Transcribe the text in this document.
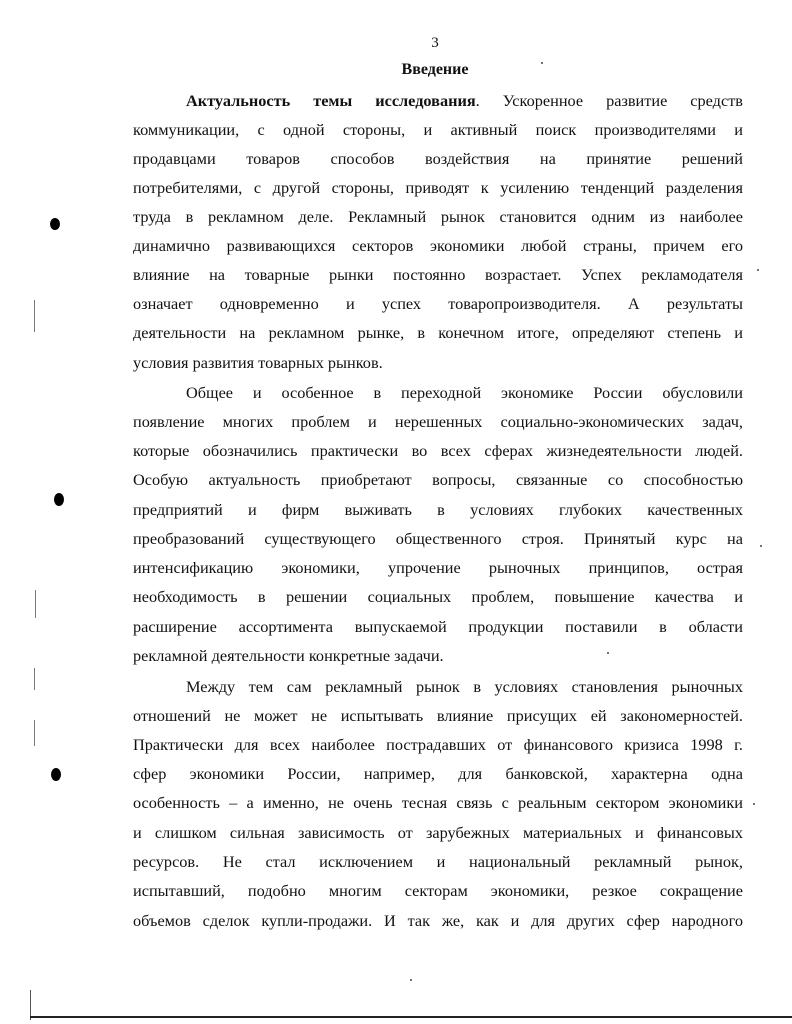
3
Введение
Актуальность темы исследования. Ускоренное развитие средств
коммуникации, с одной стороны, и активный поиск производителями и
продавцами товаров способов воздействия на принятие решений
потребителями, с другой стороны, приводят к усилению тенденций разделения
труда в рекламном деле. Рекламный рынок становится одним из наиболее
динамично развивающихся секторов экономики любой страны, причем его
влияние на товарные рынки постоянно возрастает. Успех рекламодателя
означает одновременно и успех товаропроизводителя. А результаты
деятельности на рекламном рынке, в конечном итоге, определяют степень и
условия развития товарных рынков.
Общее и особенное в переходной экономике России обусловили
появление многих проблем и нерешенных социально-экономических задач,
которые обозначились практически во всех сферах жизнедеятельности людей.
Особую актуальность приобретают вопросы, связанные со способностью
предприятий и фирм выживать в условиях глубоких качественных
преобразований существующего общественного строя. Принятый курс на
интенсификацию экономики, упрочение рыночных принципов, острая
необходимость в решении социальных проблем, повышение качества и
расширение ассортимента выпускаемой продукции поставили в области
рекламной деятельности конкретные задачи.
Между тем сам рекламный рынок в условиях становления рыночных
отношений не может не испытывать влияние присущих ей закономерностей.
Практически для всех наиболее пострадавших от финансового кризиса 1998 г.
сфер экономики России, например, для банковской, характерна одна
особенность – а именно, не очень тесная связь с реальным сектором экономики
и слишком сильная зависимость от зарубежных материальных и финансовых
ресурсов. Не стал исключением и национальный рекламный рынок,
испытавший, подобно многим секторам экономики, резкое сокращение
объемов сделок купли-продажи. И так же, как и для других сфер народного
